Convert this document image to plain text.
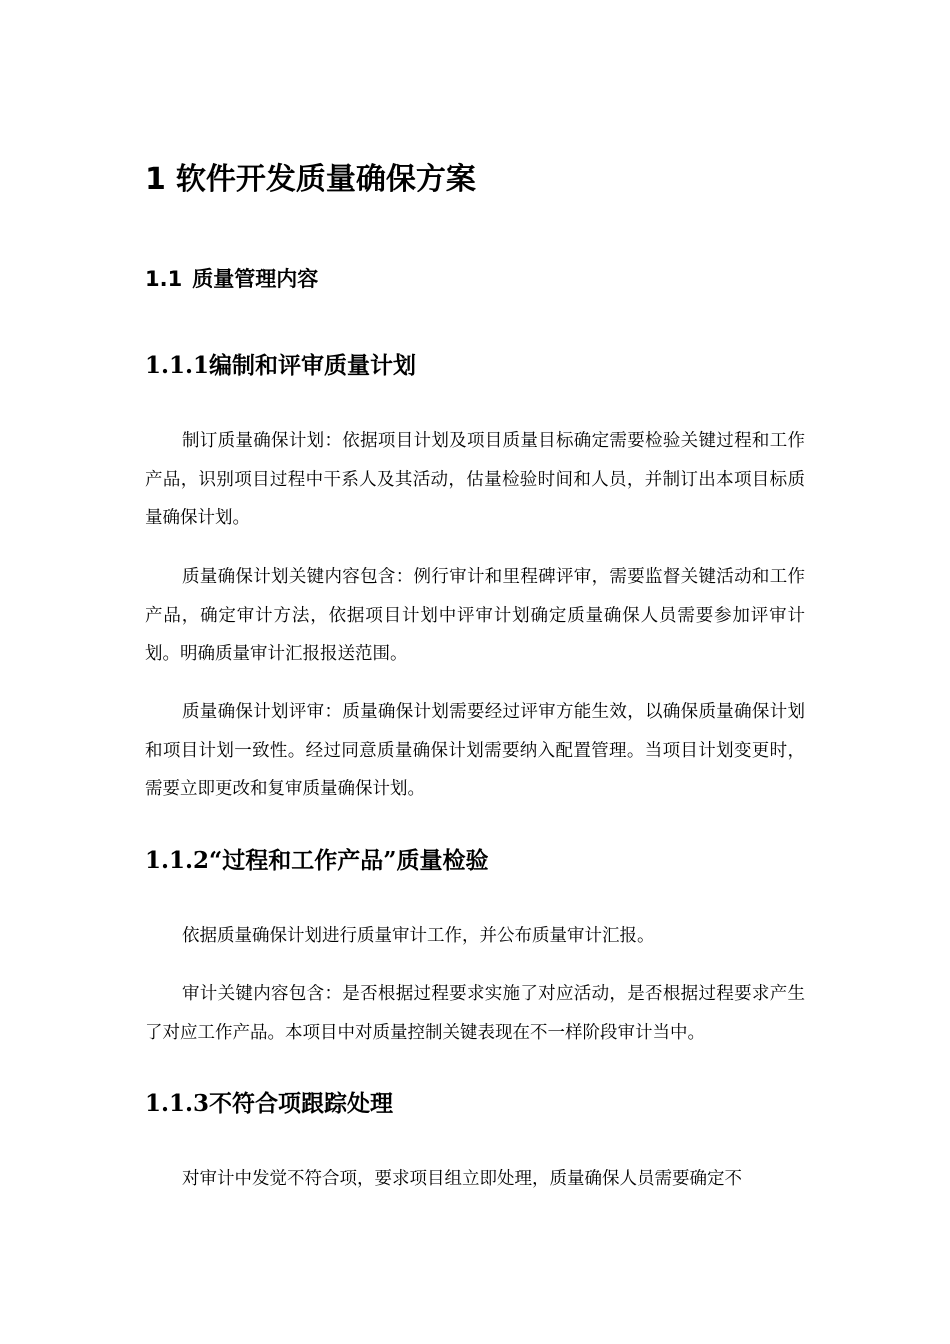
1 软件开发质量确保方案
1.1 质量管理内容
1.1.1编制和评审质量计划

制订质量确保计划：依据项目计划及项目质量目标确定需要检验关键过程和工作产品，识别项目过程中干系人及其活动，估量检验时间和人员，并制订出本项目标质量确保计划。

质量确保计划关键内容包含：例行审计和里程碑评审，需要监督关键活动和工作产品，确定审计方法，依据项目计划中评审计划确定质量确保人员需要参加评审计划。明确质量审计汇报报送范围。

质量确保计划评审：质量确保计划需要经过评审方能生效，以确保质量确保计划和项目计划一致性。经过同意质量确保计划需要纳入配置管理。当项目计划变更时，需要立即更改和复审质量确保计划。

1.1.2“过程和工作产品”质量检验

依据质量确保计划进行质量审计工作，并公布质量审计汇报。

审计关键内容包含：是否根据过程要求实施了对应活动，是否根据过程要求产生了对应工作产品。本项目中对质量控制关键表现在不一样阶段审计当中。

1.1.3不符合项跟踪处理

对审计中发觉不符合项，要求项目组立即处理，质量确保人员需要确定不
